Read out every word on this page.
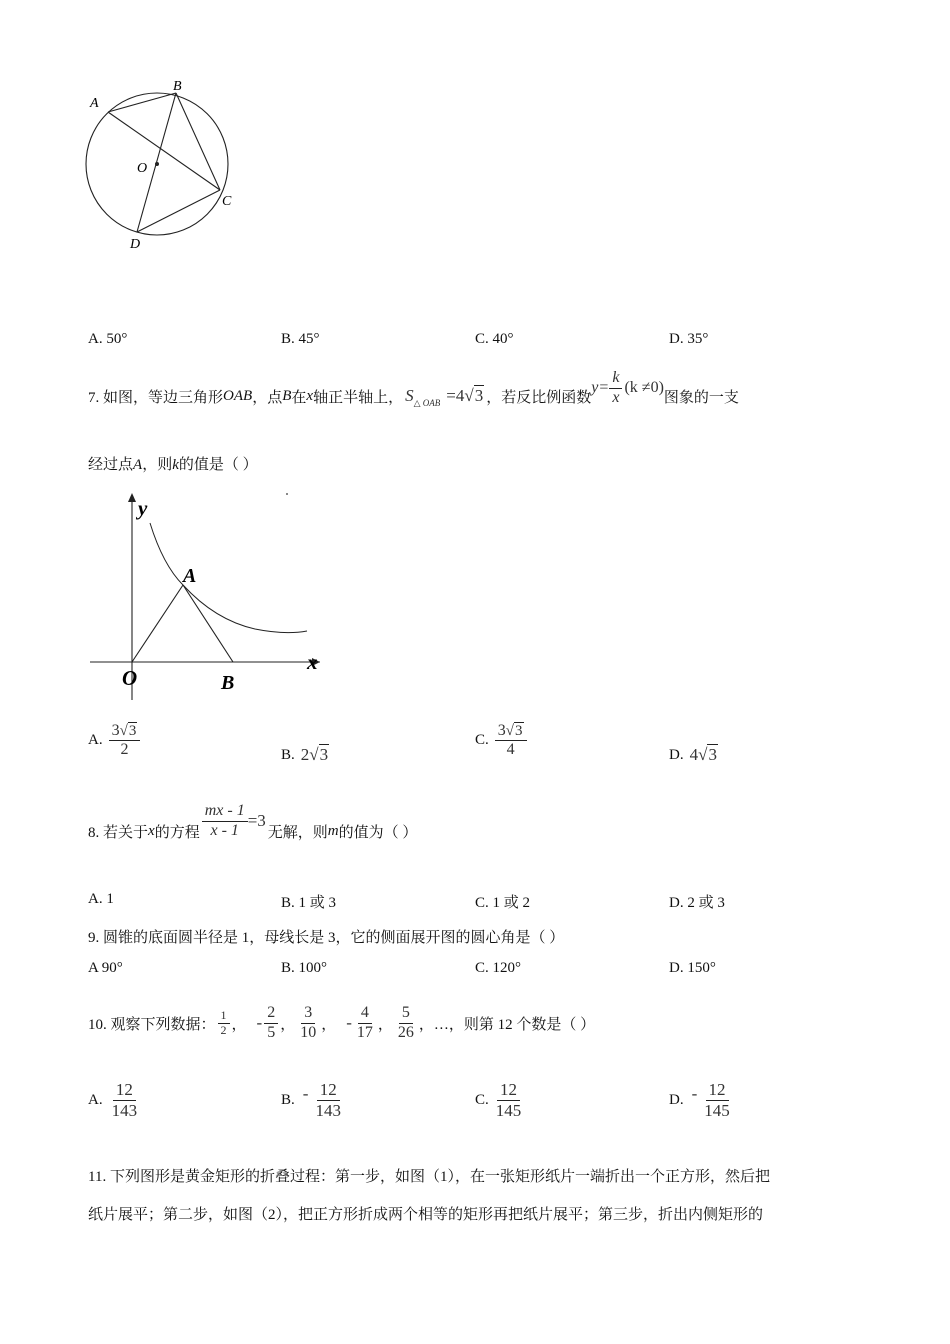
A
B
O
C
D
A. 50°	B. 45°	C. 40°	D. 35°
7. 如图，等边三角形 OAB ，点 B 在 x 轴正半轴上， S △ OAB =4 √3 ，若反比例函数
$y = \frac{k}{x} (k \ne 0)$
图象的一支
经过点A，则k的值是（ ）
y
A
O	B
x
A. $\frac{3√3}{2}$	B. 2√3
C. $\frac{3√3}{4}$	D. 4√3
8. 若关于 x 的方程 $\frac{mx - 1}{x - 1} =3$
无解，则 m 的值为（ ）
A. 1	B. 1 或 3	C. 1 或 2	D. 2 或 3
9. 圆锥的底面圆半径是 1，母线长是 3，它的侧面展开图的圆心角是（ ）
A 90°	B. 100°	C. 120°	D. 150°
10. 观察下列数据： $\frac{1}{2}$ ， - $\frac{2}{5}$ ， $\frac{3}{10}$ ， - $\frac{4}{17}$ ， $\frac{5}{26}$ ，…，则第 12 个数是（ ）
A. $\frac{12}{143}$	B. - $\frac{12}{143}$	C. $\frac{12}{145}$	D. - $\frac{12}{145}$
11. 下列图形是黄金矩形的折叠过程：第一步，如图（1），在一张矩形纸片一端折出一个正方形，然后把
纸片展平；第二步，如图（2），把正方形折成两个相等的矩形再把纸片展平；第三步，折出内侧矩形的
